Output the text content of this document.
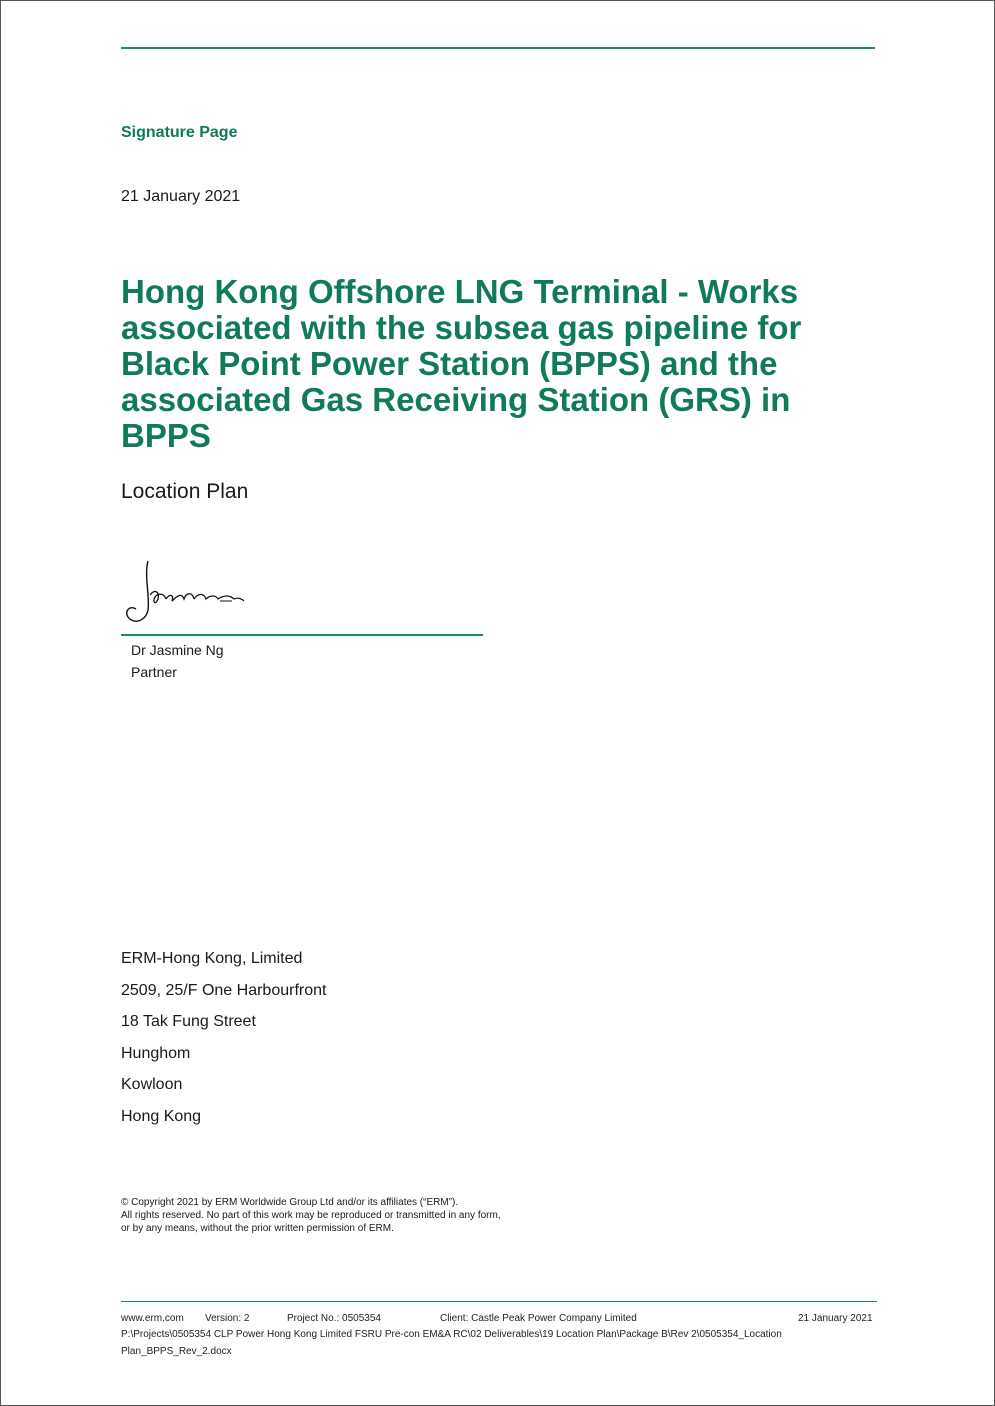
Signature Page
21 January 2021
Hong Kong Offshore LNG Terminal - Works associated with the subsea gas pipeline for Black Point Power Station (BPPS) and the associated Gas Receiving Station (GRS) in BPPS
Location Plan
Dr Jasmine Ng
Partner
ERM-Hong Kong, Limited
2509, 25/F One Harbourfront
18 Tak Fung Street
Hunghom
Kowloon
Hong Kong
© Copyright 2021 by ERM Worldwide Group Ltd and/or its affiliates (“ERM”).
All rights reserved. No part of this work may be reproduced or transmitted in any form,
or by any means, without the prior written permission of ERM.
www.erm.com Version: 2	Project No.: 0505354	Client: Castle Peak Power Company Limited	21 January 2021
P:\Projects\0505354 CLP Power Hong Kong Limited FSRU Pre-con EM&A RC\02 Deliverables\19 Location Plan\Package B\Rev 2\0505354_Location
Plan_BPPS_Rev_2.docx
